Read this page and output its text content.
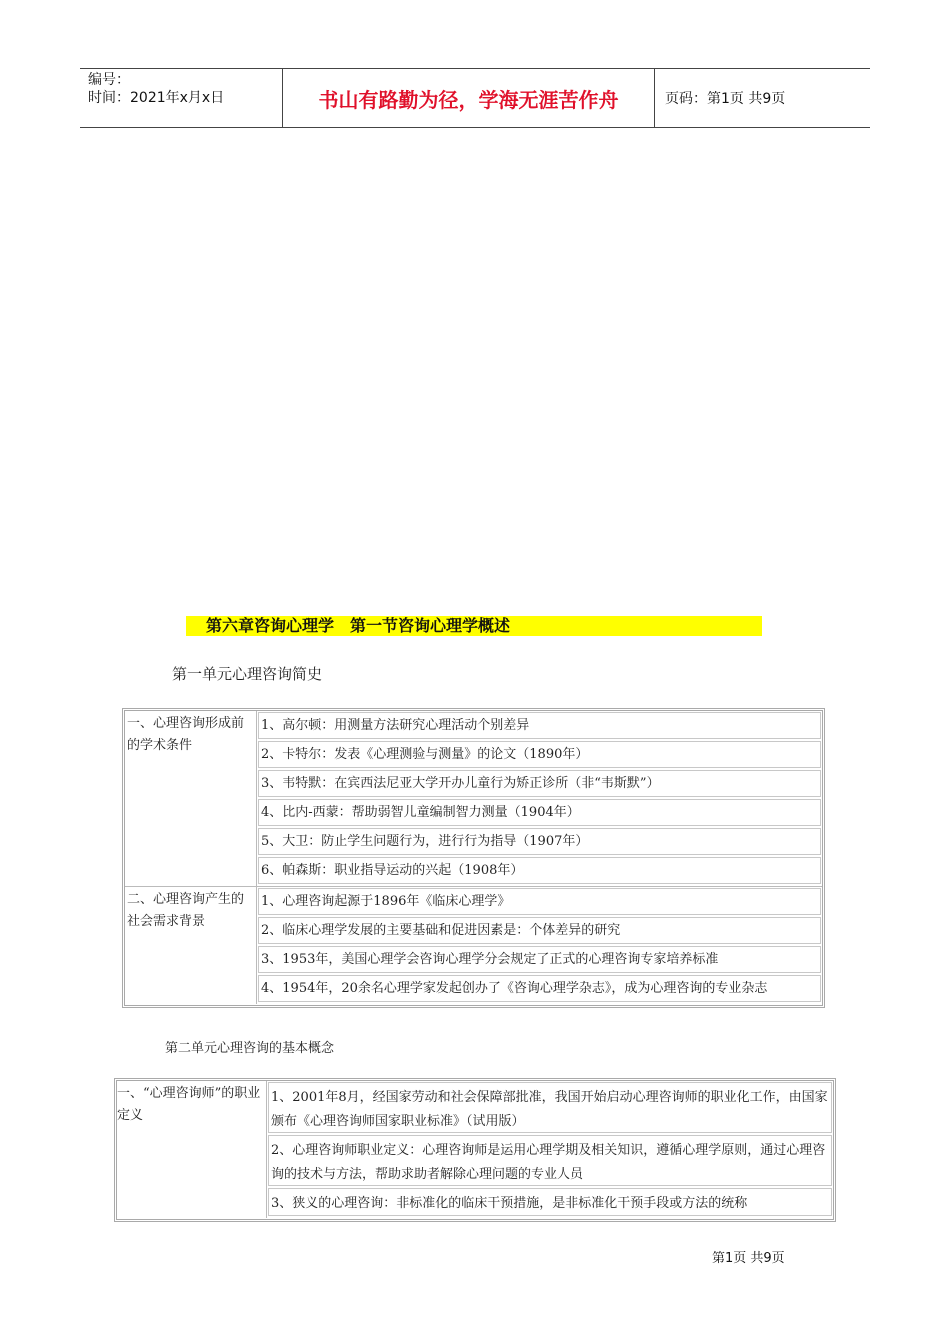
编号：
时间：2021年x月x日	书山有路勤为径，学海无涯苦作舟	页码：第1页 共9页
第六章咨询心理学　第一节咨询心理学概述
第一单元心理咨询简史
一、心理咨询形成前的学术条件
1、高尔顿：用测量方法研究心理活动个别差异
2、卡特尔：发表《心理测验与测量》的论文（1890年）
3、韦特默：在宾西法尼亚大学开办儿童行为矫正诊所（非“韦斯默”）
4、比内-西蒙：帮助弱智儿童编制智力测量（1904年）
5、大卫：防止学生问题行为，进行行为指导（1907年）
6、帕森斯：职业指导运动的兴起（1908年）
二、心理咨询产生的社会需求背景
1、心理咨询起源于1896年《临床心理学》
2、临床心理学发展的主要基础和促进因素是：个体差异的研究
3、1953年，美国心理学会咨询心理学分会规定了正式的心理咨询专家培养标准
4、1954年，20余名心理学家发起创办了《咨询心理学杂志》，成为心理咨询的专业杂志
第二单元心理咨询的基本概念
一、“心理咨询师”的职业定义
1、2001年8月，经国家劳动和社会保障部批准，我国开始启动心理咨询师的职业化工作，由国家颁布《心理咨询师国家职业标准》（试用版）
2、心理咨询师职业定义：心理咨询师是运用心理学期及相关知识，遵循心理学原则，通过心理咨询的技术与方法，帮助求助者解除心理问题的专业人员
3、狭义的心理咨询：非标准化的临床干预措施，是非标准化干预手段或方法的统称
第1页 共9页
